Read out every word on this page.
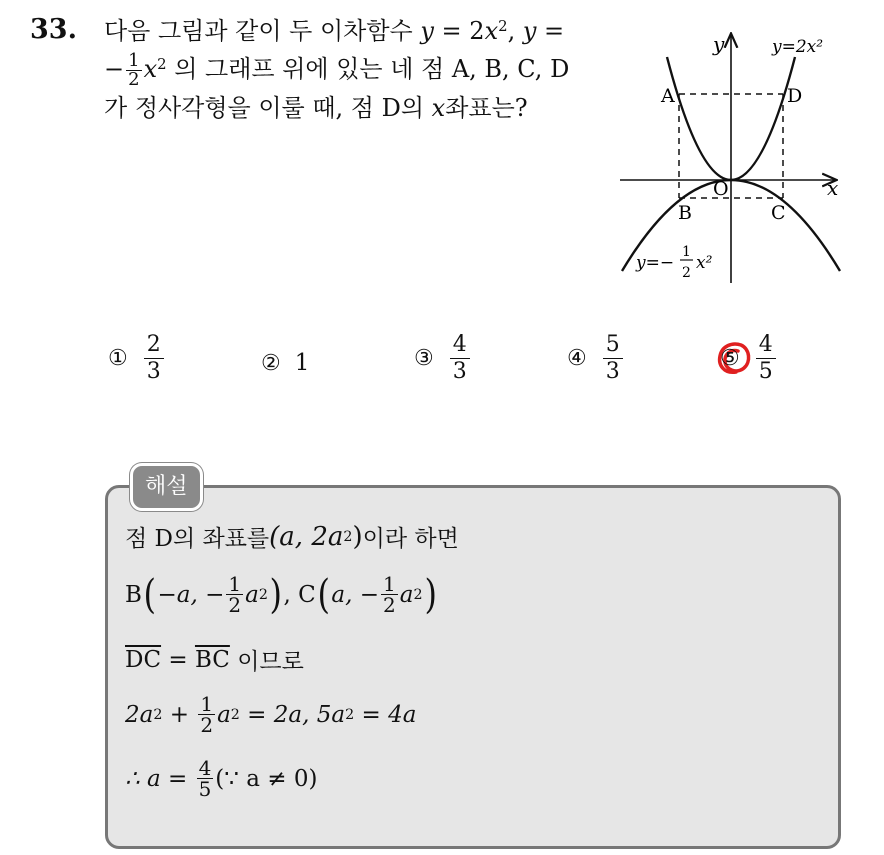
33. 다음 그림과 같이 두 이차함수 $y = 2x^2$, y =
− $\frac{1}{2} x^2$ 의 그래프 위에 있는 네 점 A, B, C, D
가 정사각형을 이룰 때, 점 D의 x좌표는?
y
x
O
A	D
B	C
y=2x²
y=−
1
2 x²
① $\frac{2}{3}$	② 1	③ $\frac{4}{3}$	④ $\frac{5}{3}$	⑤ $\frac{4}{5}$
해설
점 D의 좌표를 (a, 2a 2 ) 이라 하면
B ( −a, − $\frac{1}{2}$ a 2 ) , C ( a, − $\frac{1}{2}$ a 2 )
$\overline{DC} = \overline{BC}$ 이므로
2a $2 + \frac{1}{2}$ a 2 = 2a, 5a 2 = 4a
∴ $a = \frac{4}{5}$ (∵ a ≠ 0)
